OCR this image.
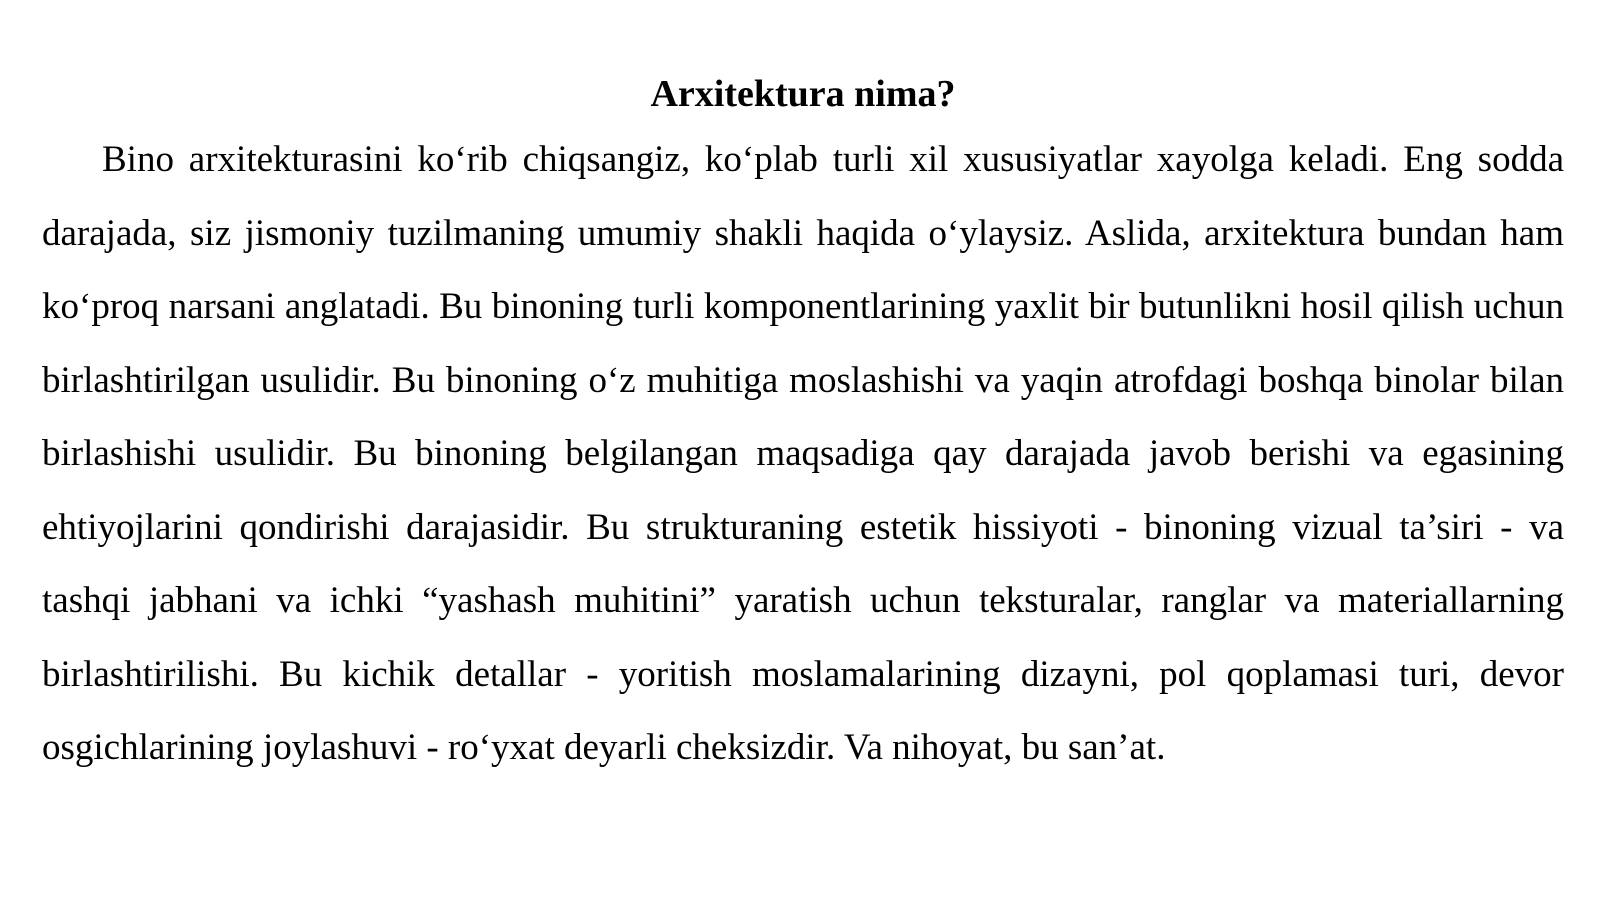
Arxitektura nima?

Bino arxitekturasini koʻrib chiqsangiz, koʻplab turli xil xususiyatlar xayolga keladi. Eng sodda darajada, siz jismoniy tuzilmaning umumiy shakli haqida oʻylaysiz. Aslida, arxitektura bundan ham koʻproq narsani anglatadi. Bu binoning turli komponentlarining yaxlit bir butunlikni hosil qilish uchun birlashtirilgan usulidir. Bu binoning oʻz muhitiga moslashishi va yaqin atrofdagi boshqa binolar bilan birlashishi usulidir. Bu binoning belgilangan maqsadiga qay darajada javob berishi va egasining ehtiyojlarini qondirishi darajasidir. Bu strukturaning estetik hissiyoti - binoning vizual ta’siri - va tashqi jabhani va ichki “yashash muhitini” yaratish uchun teksturalar, ranglar va materiallarning birlashtirilishi. Bu kichik detallar - yoritish moslamalarining dizayni, pol qoplamasi turi, devor osgichlarining joylashuvi - roʻyxat deyarli cheksizdir. Va nihoyat, bu san’at.
